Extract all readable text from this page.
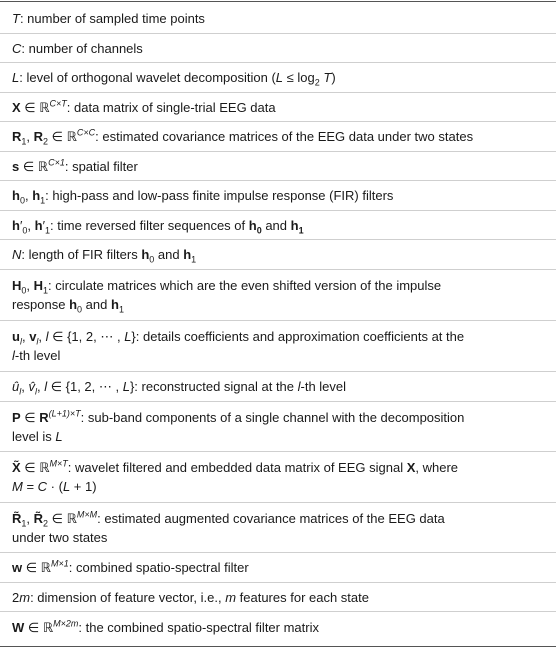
T: number of sampled time points
C: number of channels
L: level of orthogonal wavelet decomposition $(L \le \log_2 T)$
X ∈ ℝ$^{C\times T}$: data matrix of single-trial EEG data
$R_1$, $R_2$ ∈ ℝ$^{C\times C}$: estimated covariance matrices of the EEG data under two states
s ∈ ℝ$^{C\times 1}$: spatial filter
$h_0$, $h_1$: high-pass and low-pass finite impulse response (FIR) filters
$h'_0$, $h'_1$: time reversed filter sequences of $h_0$ and $h_1$
N: length of FIR filters $h_0$ and $h_1$
$H_0$, $H_1$: circulate matrices which are the even shifted version of the impulse
response $h_0$ and $h_1$
$u_l$, $v_l$, l ∈ {1, 2, ⋯ , L}: details coefficients and approximation coefficients at the
l-th level
$û_l$, $v̂_l$, l ∈ {1, 2, ⋯ , L}: reconstructed signal at the l-th level
P ∈ $R^{(L+1)\times T}$: sub-band components of a single channel with the decomposition
level is L
X̃ ∈ ℝ$^{M\times T}$: wavelet filtered and embedded data matrix of EEG signal X, where
M = C · (L + 1)
$R̃_1$, $R̃_2$ ∈ ℝ$^{M\times M}$: estimated augmented covariance matrices of the EEG data
under two states
w ∈ ℝ$^{M\times 1}$: combined spatio-spectral filter
2m: dimension of feature vector, i.e., m features for each state
W ∈ ℝ$^{M\times 2m}$: the combined spatio-spectral filter matrix
